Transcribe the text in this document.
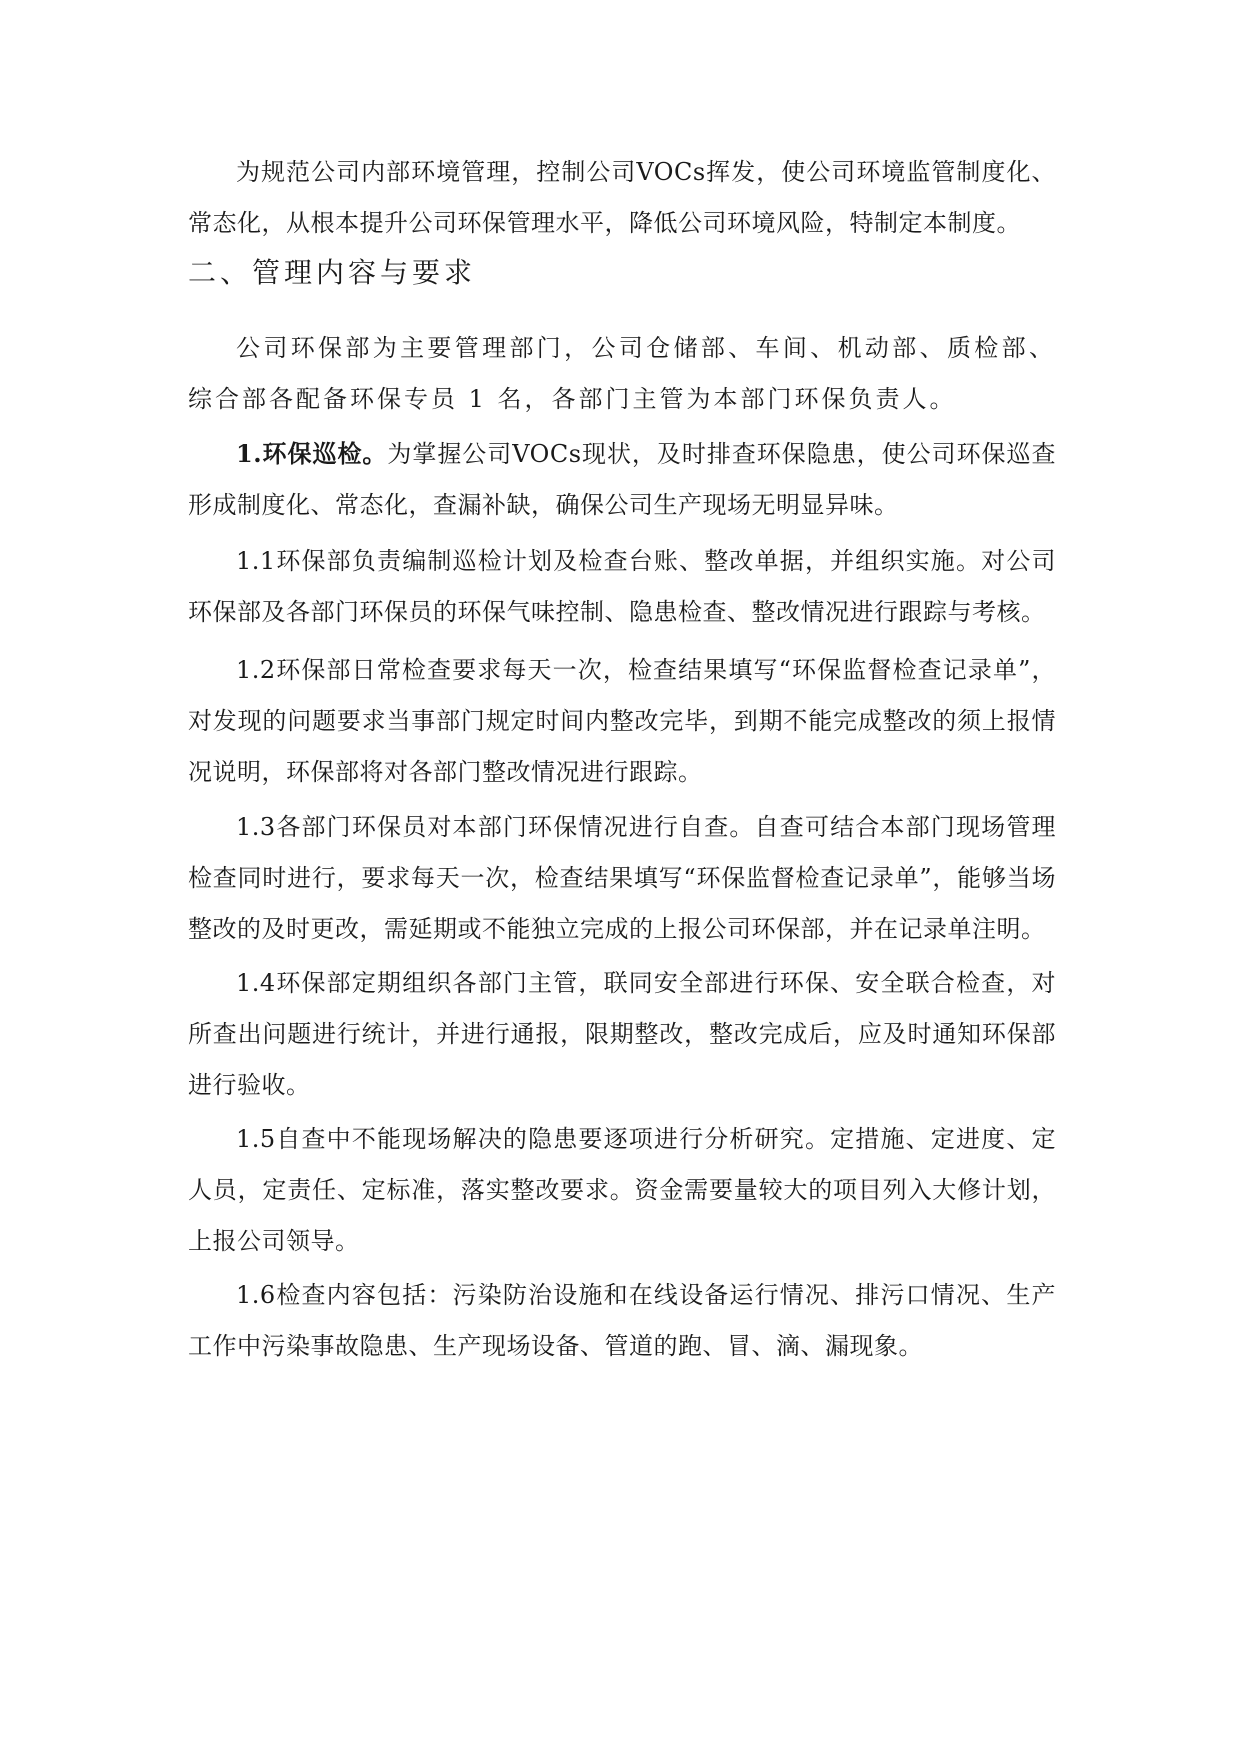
为规范公司内部环境管理，控制公司VOCs挥发，使公司环境监管制度化、常态化，从根本提升公司环保管理水平，降低公司环境风险，特制定本制度。

二、管理内容与要求

公司环保部为主要管理部门，公司仓储部、车间、机动部、质检部、综合部各配备环保专员 1 名，各部门主管为本部门环保负责人。

1.环保巡检。为掌握公司VOCs现状，及时排查环保隐患，使公司环保巡查形成制度化、常态化，查漏补缺，确保公司生产现场无明显异味。

1.1环保部负责编制巡检计划及检查台账、整改单据，并组织实施。对公司环保部及各部门环保员的环保气味控制、隐患检查、整改情况进行跟踪与考核。

1.2环保部日常检查要求每天一次，检查结果填写“环保监督检查记录单”，对发现的问题要求当事部门规定时间内整改完毕，到期不能完成整改的须上报情况说明，环保部将对各部门整改情况进行跟踪。

1.3各部门环保员对本部门环保情况进行自查。自查可结合本部门现场管理检查同时进行，要求每天一次，检查结果填写“环保监督检查记录单”，能够当场整改的及时更改，需延期或不能独立完成的上报公司环保部，并在记录单注明。

1.4环保部定期组织各部门主管，联同安全部进行环保、安全联合检查，对所查出问题进行统计，并进行通报，限期整改，整改完成后，应及时通知环保部进行验收。

1.5自查中不能现场解决的隐患要逐项进行分析研究。定措施、定进度、定人员，定责任、定标准，落实整改要求。资金需要量较大的项目列入大修计划，上报公司领导。

1.6检查内容包括：污染防治设施和在线设备运行情况、排污口情况、生产工作中污染事故隐患、生产现场设备、管道的跑、冒、滴、漏现象。
